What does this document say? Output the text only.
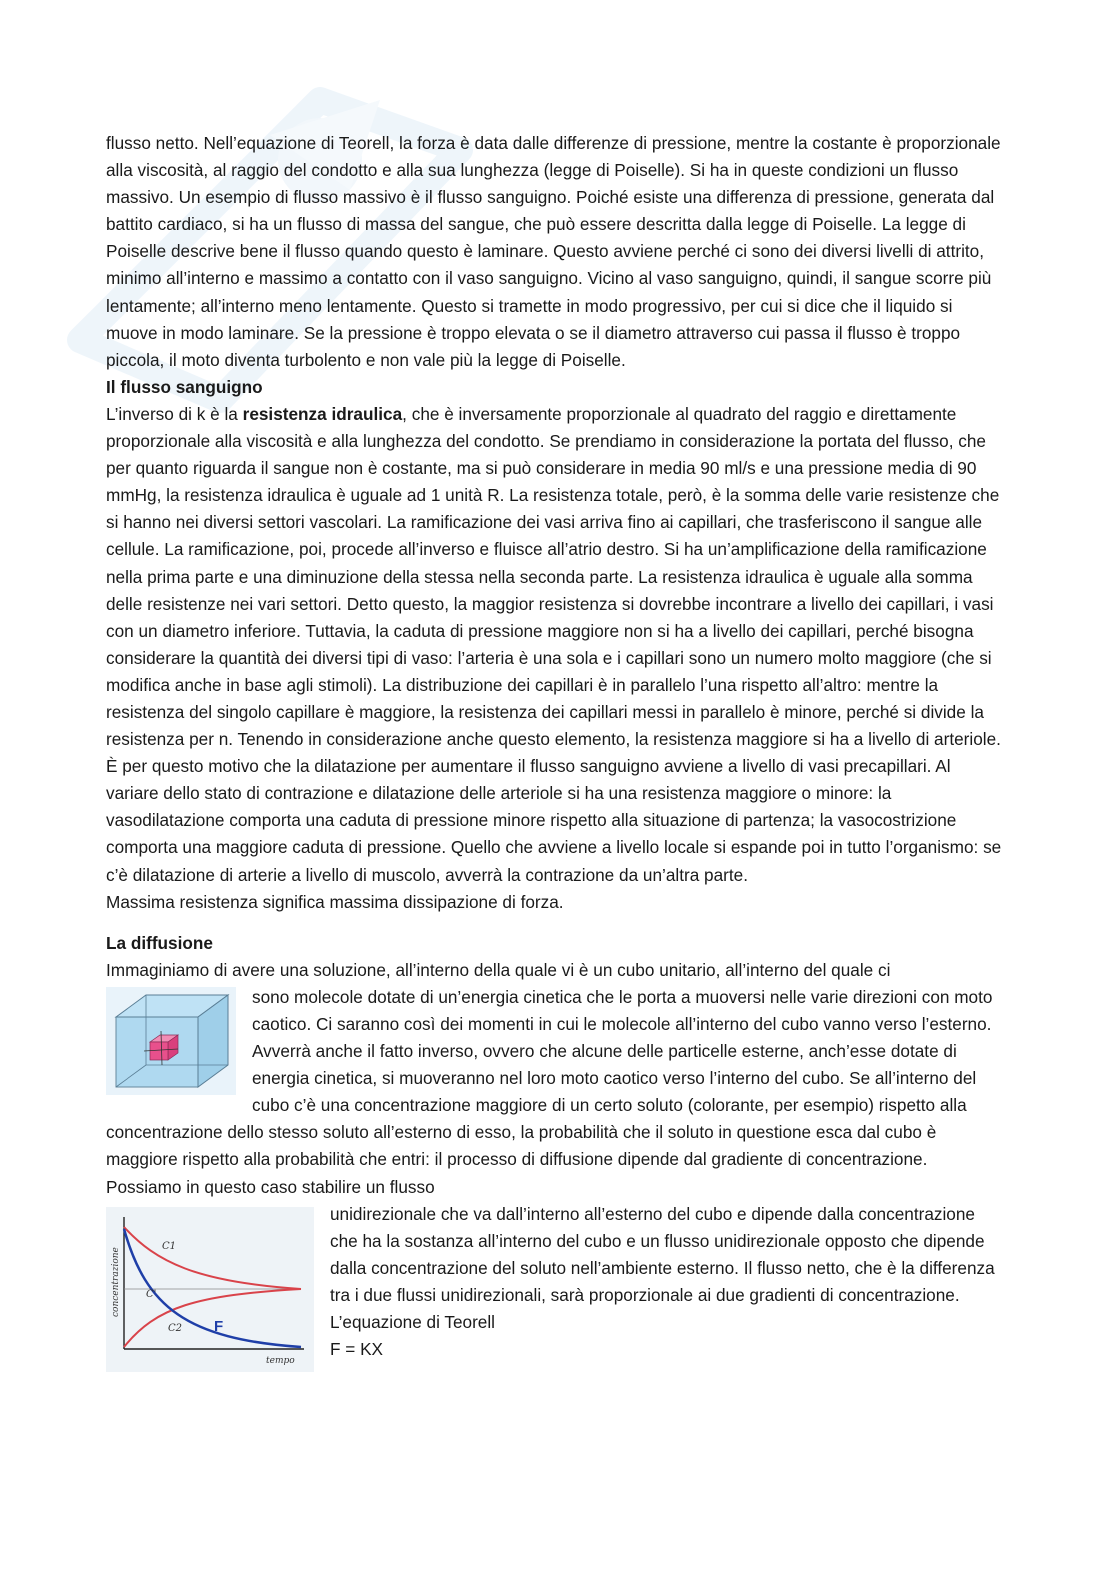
flusso netto. Nell’equazione di Teorell, la forza è data dalle differenze di pressione, mentre la costante è proporzionale alla viscosità, al raggio del condotto e alla sua lunghezza (legge di Poiselle). Si ha in queste condizioni un flusso massivo. Un esempio di flusso massivo è il flusso sanguigno. Poiché esiste una differenza di pressione, generata dal battito cardiaco, si ha un flusso di massa del sangue, che può essere descritta dalla legge di Poiselle. La legge di Poiselle descrive bene il flusso quando questo è laminare. Questo avviene perché ci sono dei diversi livelli di attrito, minimo all’interno e massimo a contatto con il vaso sanguigno. Vicino al vaso sanguigno, quindi, il sangue scorre più lentamente; all’interno meno lentamente. Questo si tramette in modo progressivo, per cui si dice che il liquido si muove in modo laminare. Se la pressione è troppo elevata o se il diametro attraverso cui passa il flusso è troppo piccola, il moto diventa turbolento e non vale più la legge di Poiselle.

Il flusso sanguigno

L’inverso di k è la resistenza idraulica, che è inversamente proporzionale al quadrato del raggio e direttamente proporzionale alla viscosità e alla lunghezza del condotto. Se prendiamo in considerazione la portata del flusso, che per quanto riguarda il sangue non è costante, ma si può considerare in media 90 ml/s e una pressione media di 90 mmHg, la resistenza idraulica è uguale ad 1 unità R. La resistenza totale, però, è la somma delle varie resistenze che si hanno nei diversi settori vascolari. La ramificazione dei vasi arriva fino ai capillari, che trasferiscono il sangue alle cellule. La ramificazione, poi, procede all’inverso e fluisce all’atrio destro. Si ha un’amplificazione della ramificazione nella prima parte e una diminuzione della stessa nella seconda parte. La resistenza idraulica è uguale alla somma delle resistenze nei vari settori. Detto questo, la maggior resistenza si dovrebbe incontrare a livello dei capillari, i vasi con un diametro inferiore. Tuttavia, la caduta di pressione maggiore non si ha a livello dei capillari, perché bisogna considerare la quantità dei diversi tipi di vaso: l’arteria è una sola e i capillari sono un numero molto maggiore (che si modifica anche in base agli stimoli). La distribuzione dei capillari è in parallelo l’una rispetto all’altro: mentre la resistenza del singolo capillare è maggiore, la resistenza dei capillari messi in parallelo è minore, perché si divide la resistenza per n. Tenendo in considerazione anche questo elemento, la resistenza maggiore si ha a livello di arteriole. È per questo motivo che la dilatazione per aumentare il flusso sanguigno avviene a livello di vasi precapillari. Al variare dello stato di contrazione e dilatazione delle arteriole si ha una resistenza maggiore o minore: la vasodilatazione comporta una caduta di pressione minore rispetto alla situazione di partenza; la vasocostrizione comporta una maggiore caduta di pressione. Quello che avviene a livello locale si espande poi in tutto l’organismo: se c’è dilatazione di arterie a livello di muscolo, avverrà la contrazione da un’altra parte.

Massima resistenza significa massima dissipazione di forza.

La diffusione

Immaginiamo di avere una soluzione, all’interno della quale vi è un cubo unitario, all’interno del quale ci

sono molecole dotate di un’energia cinetica che le porta a muoversi nelle varie direzioni con moto caotico. Ci saranno così dei momenti in cui le molecole all’interno del cubo vanno verso l’esterno. Avverrà anche il fatto inverso, ovvero che alcune delle particelle esterne, anch’esse dotate di energia cinetica, si muoveranno nel loro moto caotico verso l’interno del cubo. Se all’interno del cubo c’è una concentrazione maggiore di un certo soluto (colorante, per esempio) rispetto alla concentrazione dello stesso soluto all’esterno di esso, la probabilità che il soluto in questione esca dal cubo è maggiore rispetto alla probabilità che entri: il processo di diffusione dipende dal gradiente di concentrazione. Possiamo in questo caso stabilire un flusso

concentrazione
tempo
C1
C'
C2 F

unidirezionale che va dall’interno all’esterno del cubo e dipende dalla concentrazione che ha la sostanza all’interno del cubo e un flusso unidirezionale opposto che dipende dalla concentrazione del soluto nell’ambiente esterno. Il flusso netto, che è la differenza tra i due flussi unidirezionali, sarà proporzionale ai due gradienti di concentrazione. L’equazione di Teorell

F = KX
